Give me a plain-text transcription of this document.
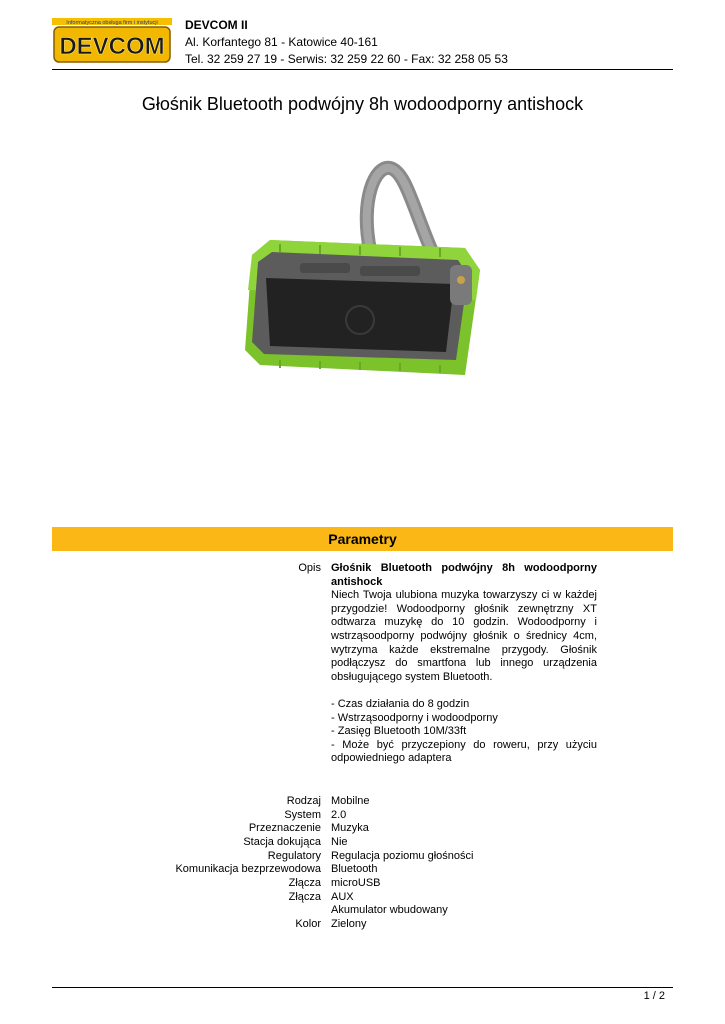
Informatyczna obsługa firm i instytucji
DEVCOM
DEVCOM II
Al. Korfantego 81 - Katowice 40-161
Tel. 32 259 27 19 - Serwis: 32 259 22 60 - Fax: 32 258 05 53
Głośnik Bluetooth podwójny 8h wodoodporny antishock
Parametry
Opis Głośnik Bluetooth podwójny 8h wodoodporny antishock

Niech Twoja ulubiona muzyka towarzyszy ci w każdej przygodzie! Wodoodporny głośnik zewnętrzny XT odtwarza muzykę do 10 godzin. Wodoodporny i wstrząsoodporny podwójny głośnik o średnicy 4cm, wytrzyma każde ekstremalne przygody. Głośnik podłączysz do smartfona lub innego urządzenia obsługującego system Bluetooth.

- Czas działania do 8 godzin

- Wstrząsoodporny i wodoodporny

- Zasięg Bluetooth 10M/33ft

- Może być przyczepiony do roweru, przy użyciu odpowiedniego adaptera

Rodzaj Mobilne
System 2.0
Przeznaczenie Muzyka
Stacja dokująca Nie
Regulatory Regulacja poziomu głośności
Komunikacja bezprzewodowa Bluetooth
Złącza microUSB
Złącza AUX
Akumulator wbudowany
Kolor Zielony
1 / 2
